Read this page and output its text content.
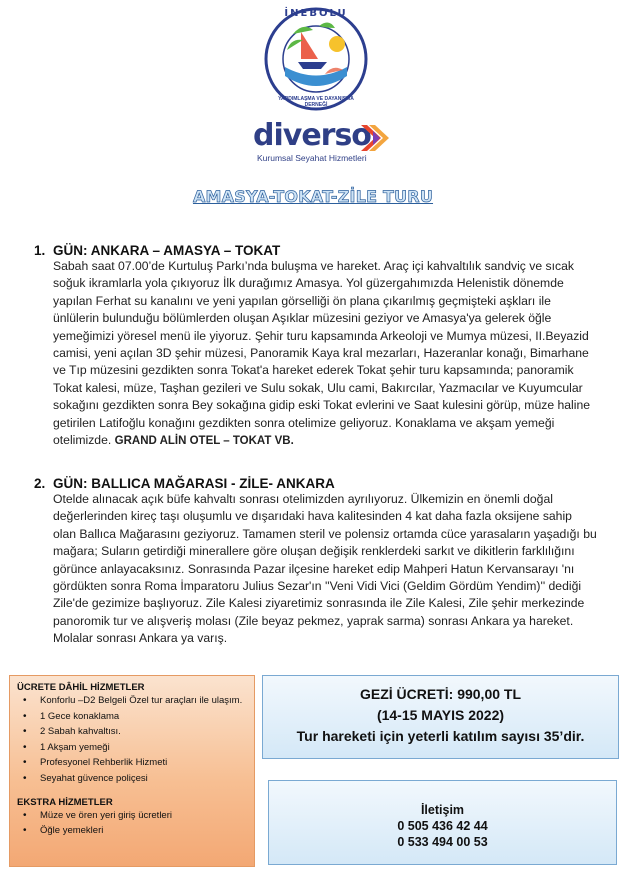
İNEBOLU
YARDIMLAŞMA VE DAYANIŞMA DERNEĞİ
diverso
Kurumsal Seyahat Hizmetleri
AMASYA-TOKAT-ZİLE TURU
1. GÜN: ANKARA – AMASYA – TOKAT
Sabah saat 07.00’de Kurtuluş Parkı’nda buluşma ve hareket. Araç içi kahvaltılık sandviç ve sıcak
soğuk ikramlarla yola çıkıyoruz İlk durağımız Amasya. Yol güzergahımızda Helenistik dönemde
yapılan Ferhat su kanalını ve yeni yapılan görselliği ön plana çıkarılmış geçmişteki aşkları ile
ünlülerin bulunduğu bölümlerden oluşan Aşıklar müzesini geziyor ve Amasya'ya gelerek öğle
yemeğimizi yöresel menü ile yiyoruz. Şehir turu kapsamında Arkeoloji ve Mumya müzesi, II.Beyazid
camisi, yeni açılan 3D şehir müzesi, Panoramik Kaya kral mezarları, Hazeranlar konağı, Bimarhane
ve Tıp müzesini gezdikten sonra Tokat'a hareket ederek Tokat şehir turu kapsamında; panoramik
Tokat kalesi, müze, Taşhan gezileri ve Sulu sokak, Ulu cami, Bakırcılar, Yazmacılar ve Kuyumcular
sokağını gezdikten sonra Bey sokağına gidip eski Tokat evlerini ve Saat kulesini görüp, müze haline
getirilen Latifoğlu konağını gezdikten sonra otelimize geliyoruz. Konaklama ve akşam yemeği
otelimizde. GRAND ALİN OTEL – TOKAT VB.
2. GÜN: BALLICA MAĞARASI - ZİLE- ANKARA
Otelde alınacak açık büfe kahvaltı sonrası otelimizden ayrılıyoruz. Ülkemizin en önemli doğal
değerlerinden kireç taşı oluşumlu ve dışarıdaki hava kalitesinden 4 kat daha fazla oksijene sahip
olan Ballıca Mağarasını geziyoruz. Tamamen steril ve polensiz ortamda cüce yarasaların yaşadığı bu
mağara; Suların getirdiği minerallere göre oluşan değişik renklerdeki sarkıt ve dikitlerin farklılığını
görünce anlayacaksınız. Sonrasında Pazar ilçesine hareket edip Mahperi Hatun Kervansarayı 'nı
gördükten sonra Roma İmparatoru Julius Sezar'ın ''Veni Vidi Vici (Geldim Gördüm Yendim)'' dediği
Zile'de gezimize başlıyoruz. Zile Kalesi ziyaretimiz sonrasında ile Zile Kalesi, Zile şehir merkezinde
panoromik tur ve alışveriş molası (Zile beyaz pekmez, yaprak sarma) sonrası Ankara ya hareket.
Molalar sonrası Ankara ya varış.
ÜCRETE DÂHİL HİZMETLER
• Konforlu –D2 Belgeli Özel tur araçları ile ulaşım.
• 1 Gece konaklama
• 2 Sabah kahvaltısı.
• 1 Akşam yemeği
• Profesyonel Rehberlik Hizmeti
• Seyahat güvence poliçesi
EKSTRA HİZMETLER
• Müze ve ören yeri giriş ücretleri
• Öğle yemekleri
GEZİ ÜCRETİ: 990,00 TL
(14-15 MAYIS 2022)
Tur hareketi için yeterli katılım sayısı 35’dir.
İletişim
0 505 436 42 44
0 533 494 00 53
